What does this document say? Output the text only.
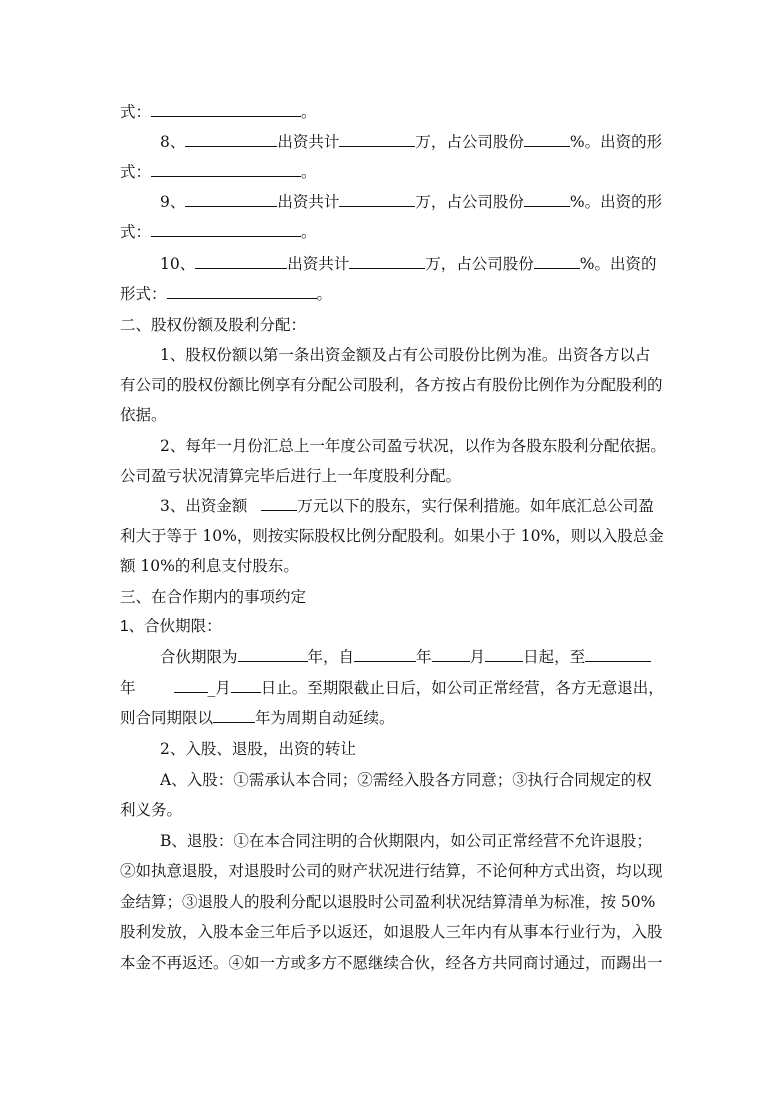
式：	。
8、	出资共计	万，占公司股份	%。出资的形
式：	。
9、	出资共计	万，占公司股份	%。出资的形
式：	。
10、	出资共计	万，占公司股份	%。出资的
形式：	。
二、股权份额及股利分配：
1、股权份额以第一条出资金额及占有公司股份比例为准。出资各方以占
有公司的股权份额比例享有分配公司股利，各方按占有股份比例作为分配股利的
依据。
2、每年一月份汇总上一年度公司盈亏状况，以作为各股东股利分配依据。
公司盈亏状况清算完毕后进行上一年度股利分配。
3、出资金额	万元以下的股东，实行保利措施。如年底汇总公司盈
利大于等于 10%，则按实际股权比例分配股利。如果小于 10%，则以入股总金
额 10%的利息支付股东。
三、在合作期内的事项约定
1、合伙期限：
合伙期限为	年，自	年 月 日起，至
年	_月 日止。至期限截止日后，如公司正常经营，各方无意退出，
则合同期限以	年为周期自动延续。
2、入股、退股，出资的转让
A、入股：①需承认本合同；②需经入股各方同意；③执行合同规定的权
利义务。
B、退股：①在本合同注明的合伙期限内，如公司正常经营不允许退股；
②如执意退股，对退股时公司的财产状况进行结算，不论何种方式出资，均以现
金结算；③退股人的股利分配以退股时公司盈利状况结算清单为标准，按 50%
股利发放，入股本金三年后予以返还，如退股人三年内有从事本行业行为，入股
本金不再返还。④如一方或多方不愿继续合伙，经各方共同商讨通过，而踢出一
